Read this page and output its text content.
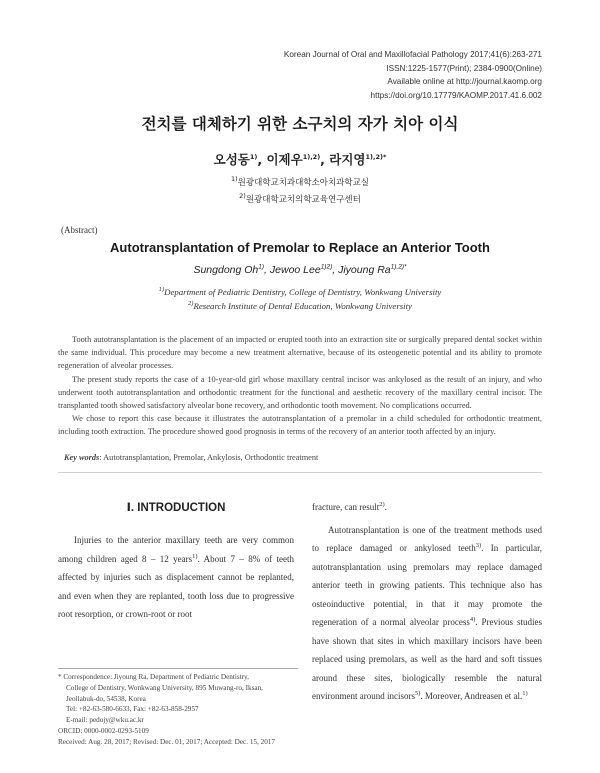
Korean Journal of Oral and Maxillofacial Pathology 2017;41(6):263-271
ISSN:1225-1577(Print); 2384-0900(Online)
Available online at http://journal.kaomp.org
https://doi.org/10.17779/KAOMP.2017.41.6.002
전치를 대체하기 위한 소구치의 자가 치아 이식
오성동$^{1)}$, 이제우$^{1),2)}$, 라지영$^{1),2)*}$
$^{1)}$원광대학교치과대학소아치과학교실
$^{2)}$원광대학교치의학교육연구센터
(Abstract)
Autotransplantation of Premolar to Replace an Anterior Tooth
Sungdong Oh$^{1)}$, Jewoo Lee$^{1)2)}$, Jiyoung $Ra^{1),2)*}$
$^{1)}$Department of Pediatric Dentistry, College of Dentistry, Wonkwang University
$^{2)}$Research Institute of Dental Education, Wonkwang University

Tooth autotransplantation is the placement of an impacted or erupted tooth into an extraction site or surgically prepared dental socket within the same individual. This procedure may become a new treatment alternative, because of its osteogenetic potential and its ability to promote regeneration of alveolar processes.

The present study reports the case of a 10-year-old girl whose maxillary central incisor was ankylosed as the result of an injury, and who underwent tooth autotransplantation and orthodontic treatment for the functional and aesthetic recovery of the maxillary central incisor. The transplanted tooth showed satisfactory alveolar bone recovery, and orthodontic tooth movement. No complications occurred.

We chose to report this case because it illustrates the autotransplantation of a premolar in a child scheduled for orthodontic treatment, including tooth extraction. The procedure showed good prognosis in terms of the recovery of an anterior tooth affected by an injury.

Key words: Autotransplantation, Premolar, Ankylosis, Orthodontic treatment
Ⅰ. INTRODUCTION

Injuries to the anterior maxillary teeth are very common among children aged 8 – 12 years$^{1)}$. About 7 – 8% of teeth affected by injuries such as displacement cannot be replanted, and even when they are replanted, tooth loss due to progressive root resorption, or crown-root or root

fracture, can result$^{2)}$.

Autotransplantation is one of the treatment methods used to replace damaged or ankylosed teeth$^{3)}$. In particular, autotransplantation using premolars may replace damaged anterior teeth in growing patients. This technique also has osteoinductive potential, in that it may promote the regeneration of a normal alveolar process$^{4)}$. Previous studies have shown that sites in which maxillary incisors have been replaced using premolars, as well as the hard and soft tissues around these sites, biologically resemble the natural environment around incisors$^{5)}$. Moreover, Andreasen et al.$^{1)}$

* Correspondence: Jiyoung Ra, Department of Pediatric Dentistry,
College of Dentistry, Wonkwang University, 895 Muwang-ro, Iksan,
Jeollabuk-do, 54538, Korea
Tel: +82-63-580-6633, Fax: +82-63-858-2957
E-mail: pedojy@wku.ac.kr
ORCID: 0000-0002-0293-5109
Received: Aug. 28, 2017; Revised: Dec. 01, 2017; Accepted: Dec. 15, 2017
